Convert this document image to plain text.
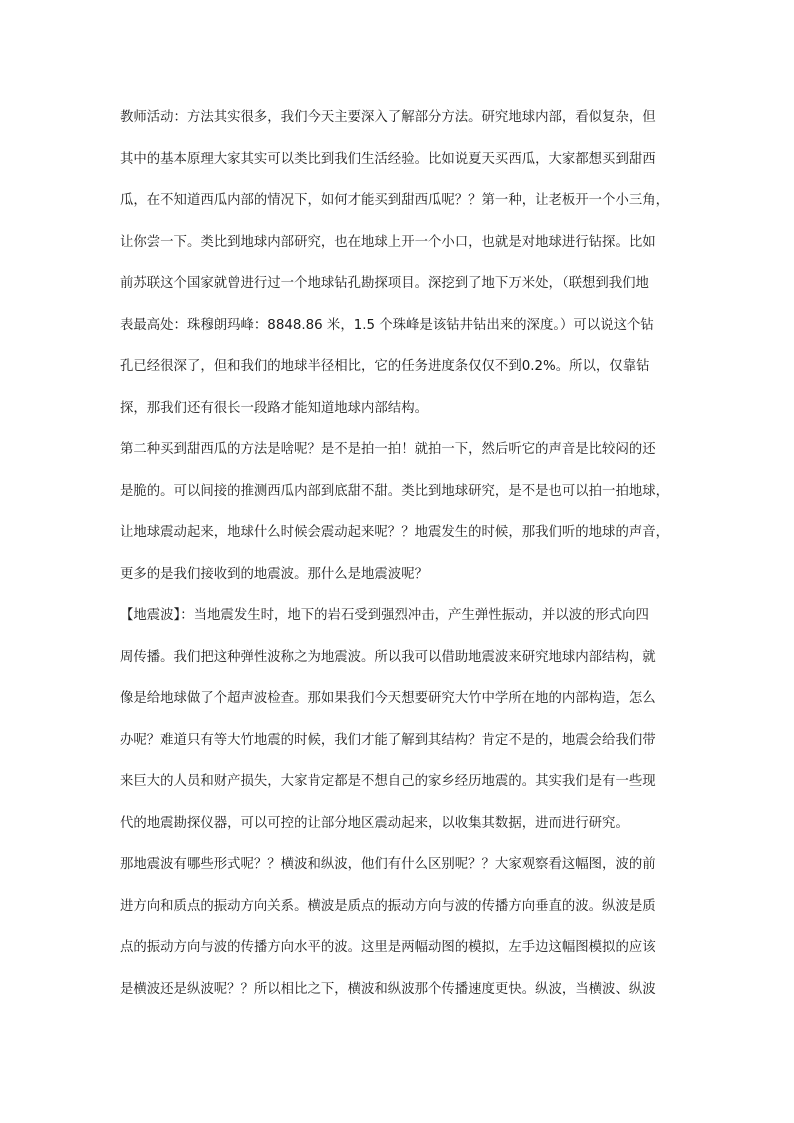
教师活动：方法其实很多，我们今天主要深入了解部分方法。研究地球内部，看似复杂，但
其中的基本原理大家其实可以类比到我们生活经验。比如说夏天买西瓜，大家都想买到甜西
瓜，在不知道西瓜内部的情况下，如何才能买到甜西瓜呢？？第一种，让老板开一个小三角，
让你尝一下。类比到地球内部研究，也在地球上开一个小口，也就是对地球进行钻探。比如
前苏联这个国家就曾进行过一个地球钻孔勘探项目。深挖到了地下万米处，（联想到我们地
表最高处：珠穆朗玛峰：8848.86 米，1.5 个珠峰是该钻井钻出来的深度。）可以说这个钻
孔已经很深了，但和我们的地球半径相比，它的任务进度条仅仅不到0.2%。所以，仅靠钻
探，那我们还有很长一段路才能知道地球内部结构。
第二种买到甜西瓜的方法是啥呢？是不是拍一拍！就拍一下，然后听它的声音是比较闷的还
是脆的。可以间接的推测西瓜内部到底甜不甜。类比到地球研究，是不是也可以拍一拍地球，
让地球震动起来，地球什么时候会震动起来呢？？地震发生的时候，那我们听的地球的声音，
更多的是我们接收到的地震波。那什么是地震波呢？
【地震波】：当地震发生时，地下的岩石受到强烈冲击，产生弹性振动，并以波的形式向四
周传播。我们把这种弹性波称之为地震波。所以我可以借助地震波来研究地球内部结构，就
像是给地球做了个超声波检查。那如果我们今天想要研究大竹中学所在地的内部构造，怎么
办呢？难道只有等大竹地震的时候，我们才能了解到其结构？肯定不是的，地震会给我们带
来巨大的人员和财产损失，大家肯定都是不想自己的家乡经历地震的。其实我们是有一些现
代的地震勘探仪器，可以可控的让部分地区震动起来，以收集其数据，进而进行研究。
那地震波有哪些形式呢？？横波和纵波，他们有什么区别呢？？大家观察看这幅图，波的前
进方向和质点的振动方向关系。横波是质点的振动方向与波的传播方向垂直的波。纵波是质
点的振动方向与波的传播方向水平的波。这里是两幅动图的模拟，左手边这幅图模拟的应该
是横波还是纵波呢？？所以相比之下，横波和纵波那个传播速度更快。纵波，当横波、纵波
